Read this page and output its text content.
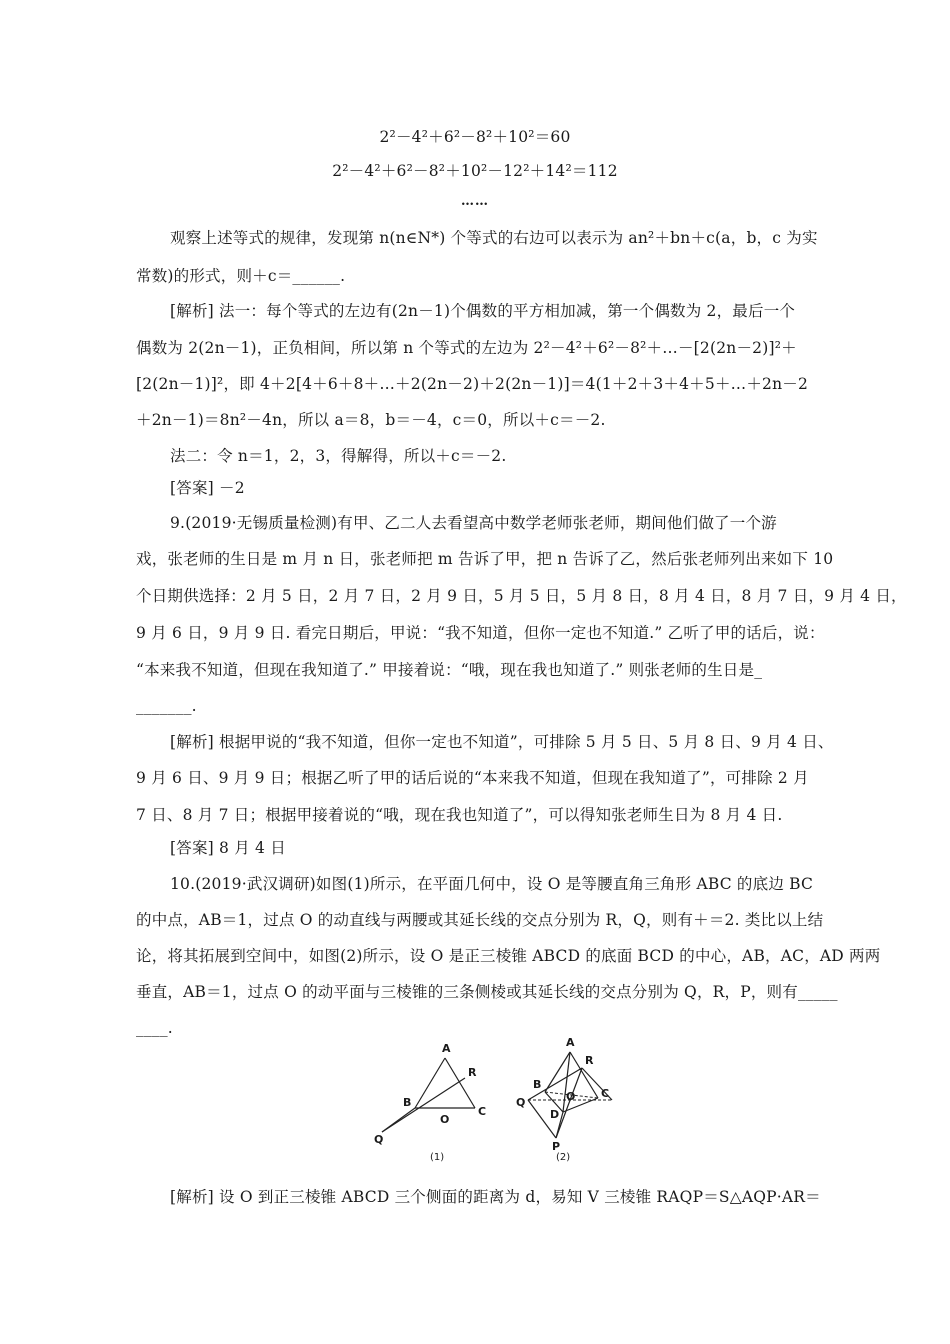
2²－4²＋6²－8²＋10²＝60
2²－4²＋6²－8²＋10²－12²＋14²＝112
……
观察上述等式的规律，发现第 n(n∈N*) 个等式的右边可以表示为 an²＋bn＋c(a，b，c 为实
常数)的形式，则＋c＝______.
[解析] 法一：每个等式的左边有(2n－1)个偶数的平方相加减，第一个偶数为 2，最后一个
偶数为 2(2n－1)，正负相间，所以第 n 个等式的左边为 2²－4²＋6²－8²＋…－[2(2n－2)]²＋
[2(2n－1)]²，即 4＋2[4＋6＋8＋…＋2(2n－2)＋2(2n－1)]＝4(1＋2＋3＋4＋5＋…＋2n－2
＋2n－1)＝8n²－4n，所以 a＝8，b＝－4，c＝0，所以＋c＝－2.
法二：令 n＝1，2，3，得解得，所以＋c＝－2.
[答案] －2
9.(2019·无锡质量检测)有甲、乙二人去看望高中数学老师张老师，期间他们做了一个游
戏，张老师的生日是 m 月 n 日，张老师把 m 告诉了甲，把 n 告诉了乙，然后张老师列出来如下 10
个日期供选择：2 月 5 日，2 月 7 日，2 月 9 日，5 月 5 日，5 月 8 日，8 月 4 日，8 月 7 日，9 月 4 日，
9 月 6 日，9 月 9 日. 看完日期后，甲说：“我不知道，但你一定也不知道.” 乙听了甲的话后，说：
“本来我不知道，但现在我知道了.” 甲接着说：“哦，现在我也知道了.” 则张老师的生日是_
_______.
[解析] 根据甲说的“我不知道，但你一定也不知道”，可排除 5 月 5 日、5 月 8 日、9 月 4 日、
9 月 6 日、9 月 9 日；根据乙听了甲的话后说的“本来我不知道，但现在我知道了”，可排除 2 月
7 日、8 月 7 日；根据甲接着说的“哦，现在我也知道了”，可以得知张老师生日为 8 月 4 日.
[答案] 8 月 4 日
10.(2019·武汉调研)如图(1)所示，在平面几何中，设 O 是等腰直角三角形 ABC 的底边 BC
的中点，AB＝1，过点 O 的动直线与两腰或其延长线的交点分别为 R，Q，则有＋＝2. 类比以上结
论，将其拓展到空间中，如图(2)所示，设 O 是正三棱锥 ABCD 的底面 BCD 的中心，AB，AC，AD 两两
垂直，AB＝1，过点 O 的动平面与三棱锥的三条侧棱或其延长线的交点分别为 Q，R，P，则有_____
____.
A
R
B
O
C
Q
(1)
A
R
B
O C
Q
D
P
(2)
[解析] 设 O 到正三棱锥 ABCD 三个侧面的距离为 d，易知 V 三棱锥 RAQP＝S△AQP·AR＝
